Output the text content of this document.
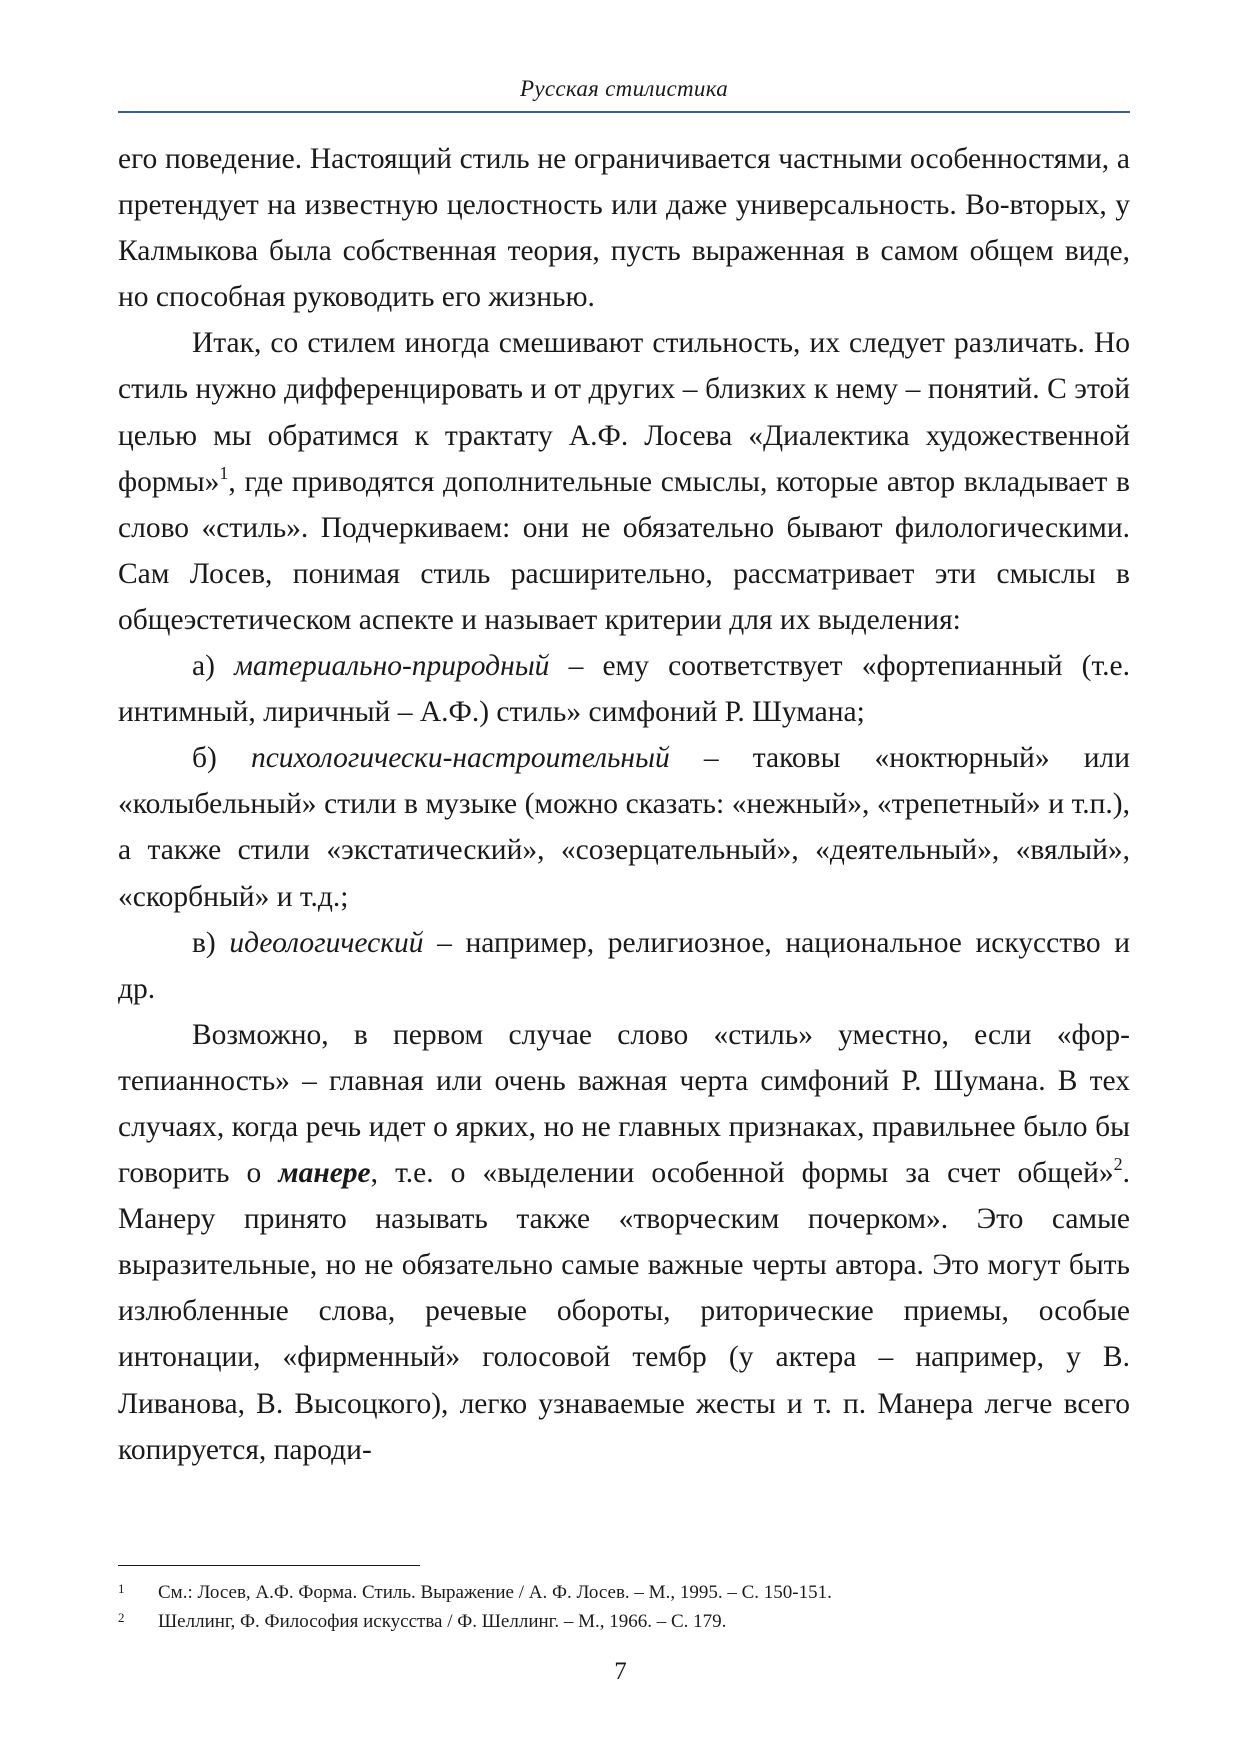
Русская стилистика

его поведение. Настоящий стиль не ограничивается частными особенностями, а претендует на известную целостность или даже универсальность. Во-вторых, у Калмыкова была собственная теория, пусть выраженная в самом общем виде, но способная руководить его жизнью.

Итак, со стилем иногда смешивают стильность, их следует различать. Но стиль нужно дифференцировать и от других – близких к нему – понятий. С этой целью мы обратимся к трактату А.Ф. Лосева «Диалектика художественной формы»$^1$, где приводятся дополнительные смыслы, которые автор вкладывает в слово «стиль». Подчеркиваем: они не обязательно бывают филологическими. Сам Лосев, понимая стиль расширительно, рассматривает эти смыслы в общеэстетическом аспекте и называет критерии для их выделения:

а) материально-природный – ему соответствует «фортепианный (т.е. интимный, лиричный – А.Ф.) стиль» симфоний Р. Шумана;

б) психологически-настроительный – таковы «ноктюрный» или «колыбельный» стили в музыке (можно сказать: «нежный», «трепетный» и т.п.), а также стили «экстатический», «созерцательный», «деятельный», «вялый», «скорбный» и т.д.;

в) идеологический – например, религиозное, национальное искусство и др.

Возможно, в первом случае слово «стиль» уместно, если «фортепианность» – главная или очень важная черта симфоний Р. Шумана. В тех случаях, когда речь идет о ярких, но не главных признаках, правильнее было бы говорить о манере, т.е. о «выделении особенной формы за счет общей»$^2$. Манеру принято называть также «творческим почерком». Это самые выразительные, но не обязательно самые важные черты автора. Это могут быть излюбленные слова, речевые обороты, риторические приемы, особые интонации, «фирменный» голосовой тембр (у актера – например, у В. Ливанова, В. Высоцкого), легко узнаваемые жесты и т. п. Манера легче всего копируется, пароди-

1 См.: Лосев, А.Ф. Форма. Стиль. Выражение / А. Ф. Лосев. – М., 1995. – С. 150-151.
2 Шеллинг, Ф. Философия искусства / Ф. Шеллинг. – М., 1966. – С. 179.
7
